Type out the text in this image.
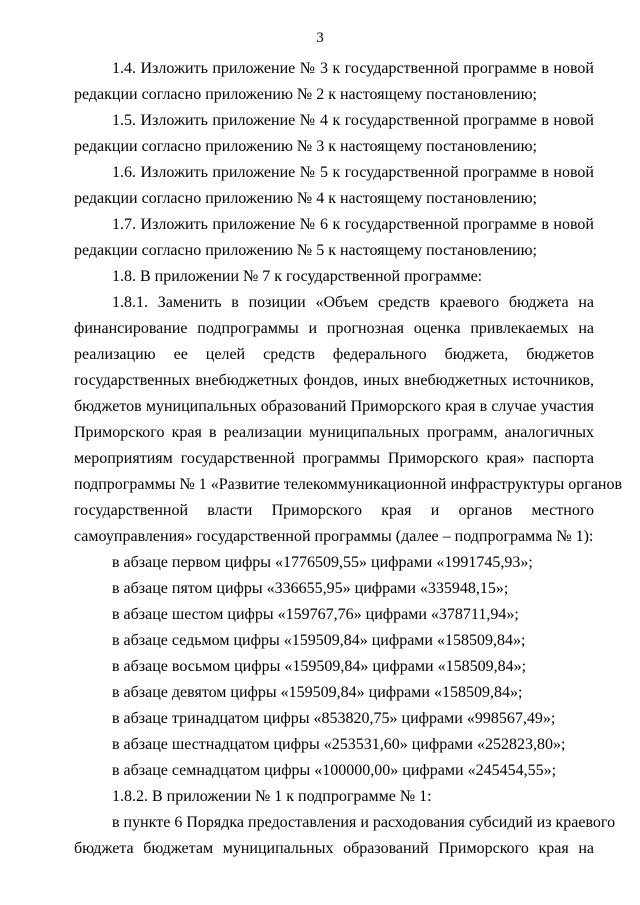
3
1.4. Изложить приложение № 3 к государственной программе в новой
редакции согласно приложению № 2 к настоящему постановлению;
1.5. Изложить приложение № 4 к государственной программе в новой
редакции согласно приложению № 3 к настоящему постановлению;
1.6. Изложить приложение № 5 к государственной программе в новой
редакции согласно приложению № 4 к настоящему постановлению;
1.7. Изложить приложение № 6 к государственной программе в новой
редакции согласно приложению № 5 к настоящему постановлению;
1.8. В приложении № 7 к государственной программе:
1.8.1. Заменить в позиции «Объем средств краевого бюджета на
финансирование подпрограммы и прогнозная оценка привлекаемых на
реализацию ее целей средств федерального бюджета, бюджетов
государственных внебюджетных фондов, иных внебюджетных источников,
бюджетов муниципальных образований Приморского края в случае участия
Приморского края в реализации муниципальных программ, аналогичных
мероприятиям государственной программы Приморского края» паспорта
подпрограммы № 1 «Развитие телекоммуникационной инфраструктуры органов
государственной власти Приморского края и органов местного
самоуправления» государственной программы (далее – подпрограмма № 1):
в абзаце первом цифры «1776509,55» цифрами «1991745,93»;
в абзаце пятом цифры «336655,95» цифрами «335948,15»;
в абзаце шестом цифры «159767,76» цифрами «378711,94»;
в абзаце седьмом цифры «159509,84» цифрами «158509,84»;
в абзаце восьмом цифры «159509,84» цифрами «158509,84»;
в абзаце девятом цифры «159509,84» цифрами «158509,84»;
в абзаце тринадцатом цифры «853820,75» цифрами «998567,49»;
в абзаце шестнадцатом цифры «253531,60» цифрами «252823,80»;
в абзаце семнадцатом цифры «100000,00» цифрами «245454,55»;
1.8.2. В приложении № 1 к подпрограмме № 1:
в пункте 6 Порядка предоставления и расходования субсидий из краевого
бюджета бюджетам муниципальных образований Приморского края на
